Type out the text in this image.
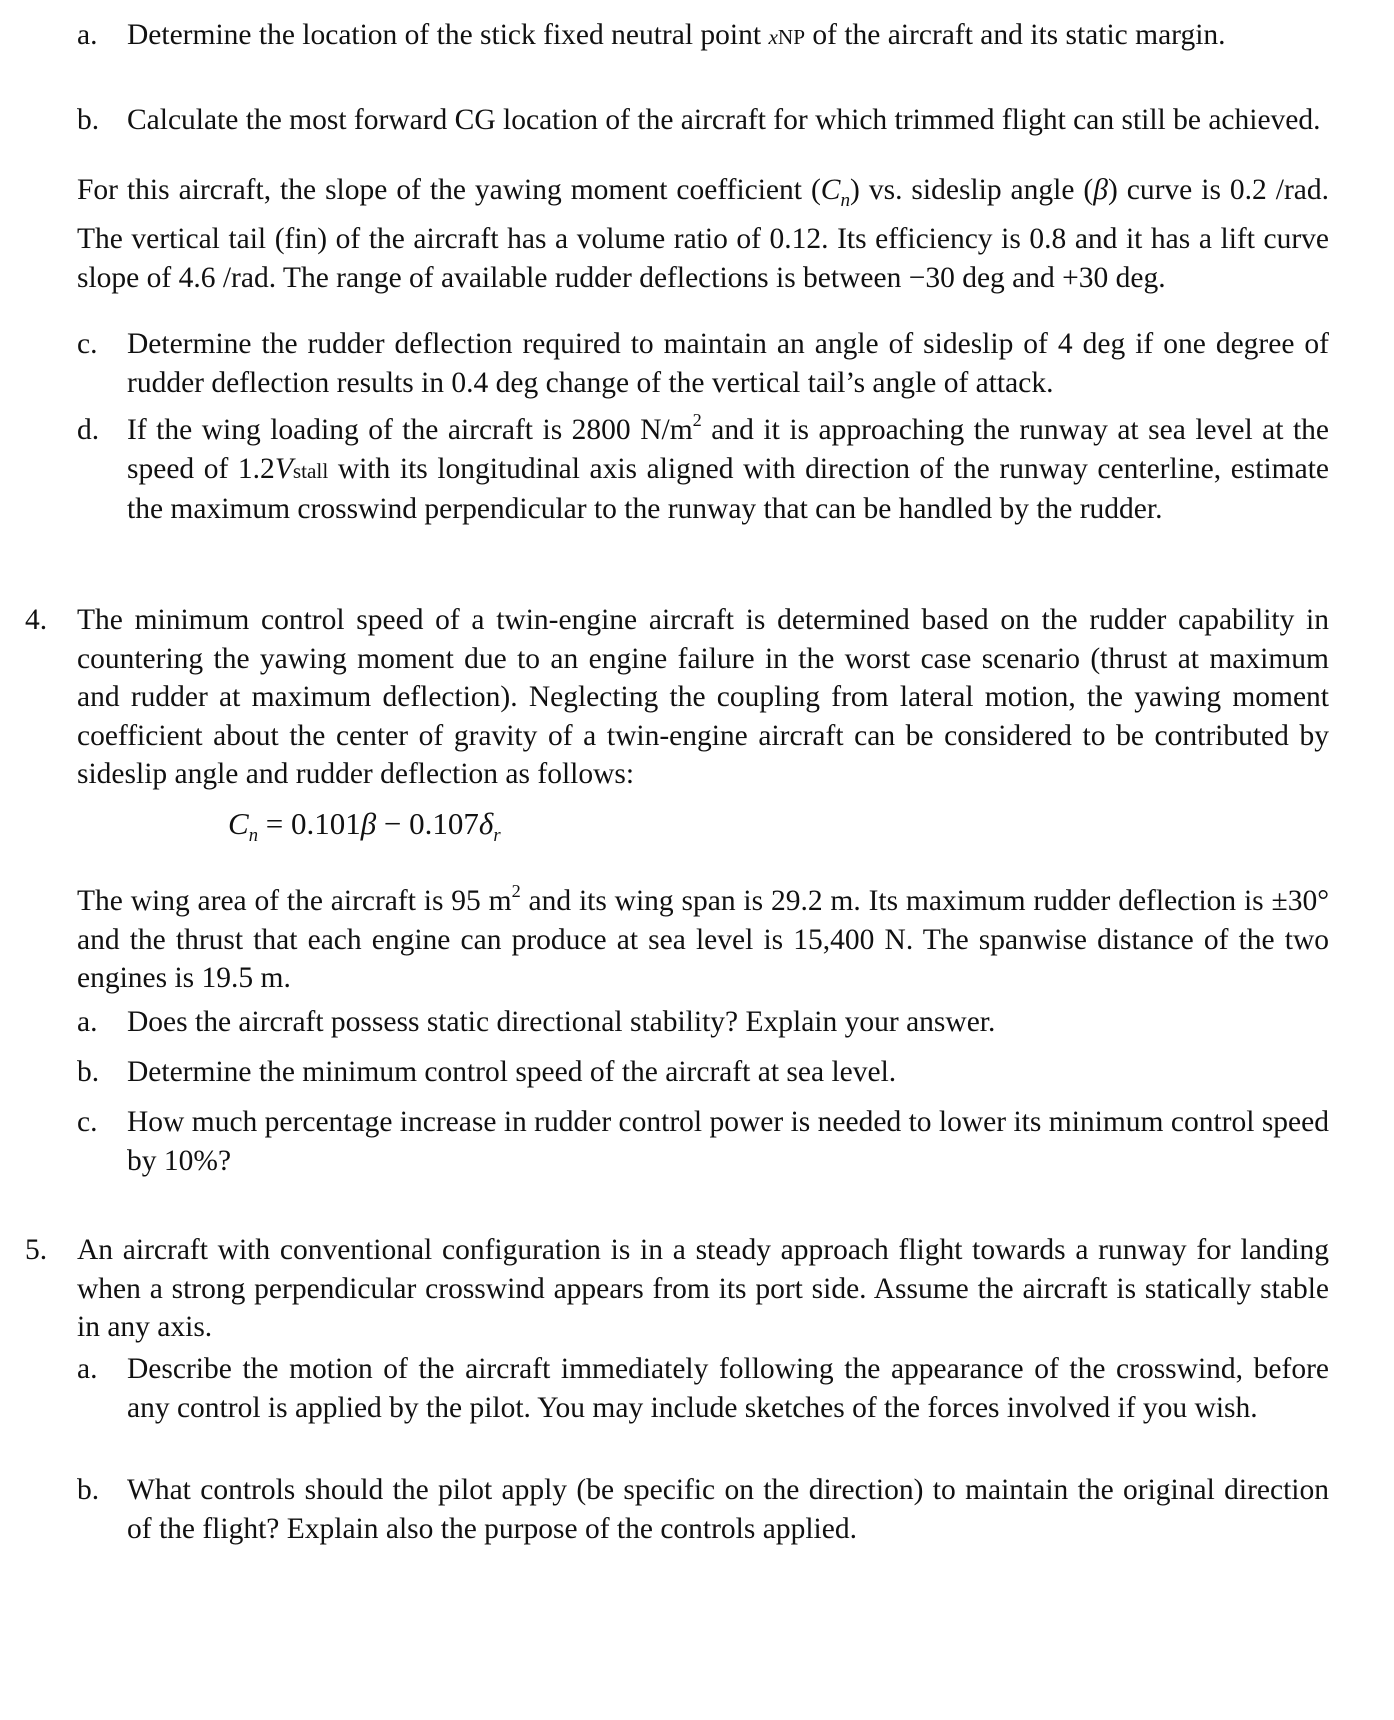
a.	Determine the location of the stick fixed neutral point xNP of the aircraft and its static margin.
b. Calculate the most forward CG location of the aircraft for which trimmed flight can still be achieved.
For this aircraft, the slope of the yawing moment coefficient $(C_n)$ vs. sideslip angle (β) curve is 0.2 /rad. The vertical tail (fin) of the aircraft has a volume ratio of 0.12. Its efficiency is 0.8 and it has a lift curve slope of 4.6 /rad. The range of available rudder deflections is between −30 deg and +30 deg.
c.	Determine the rudder deflection required to maintain an angle of sideslip of 4 deg if one degree of rudder deflection results in 0.4 deg change of the vertical tail’s angle of attack.
d. If the wing loading of the aircraft is 2800 $N/m^2$ and it is approaching the runway at sea level at the speed of 1.2Vstall with its longitudinal axis aligned with direction of the runway centerline, estimate the maximum crosswind perpendicular to the runway that can be handled by the rudder.
4. The minimum control speed of a twin-engine aircraft is determined based on the rudder capability in countering the yawing moment due to an engine failure in the worst case scenario (thrust at maximum and rudder at maximum deflection). Neglecting the coupling from lateral motion, the yawing moment coefficient about the center of gravity of a twin-engine aircraft can be considered to be contributed by sideslip angle and rudder deflection as follows:
$C_n = 0.101\beta - 0.107\delta_r$
The wing area of the aircraft is 95 $m^2$ and its wing span is 29.2 m. Its maximum rudder deflection is ±30° and the thrust that each engine can produce at sea level is 15,400 N. The spanwise distance of the two engines is 19.5 m.
a.	Does the aircraft possess static directional stability? Explain your answer.
b. Determine the minimum control speed of the aircraft at sea level.
c.	How much percentage increase in rudder control power is needed to lower its minimum control speed by 10%?
5. An aircraft with conventional configuration is in a steady approach flight towards a runway for landing when a strong perpendicular crosswind appears from its port side. Assume the aircraft is statically stable in any axis.
a.	Describe the motion of the aircraft immediately following the appearance of the crosswind, before any control is applied by the pilot. You may include sketches of the forces involved if you wish.
b. What controls should the pilot apply (be specific on the direction) to maintain the original direction of the flight? Explain also the purpose of the controls applied.
